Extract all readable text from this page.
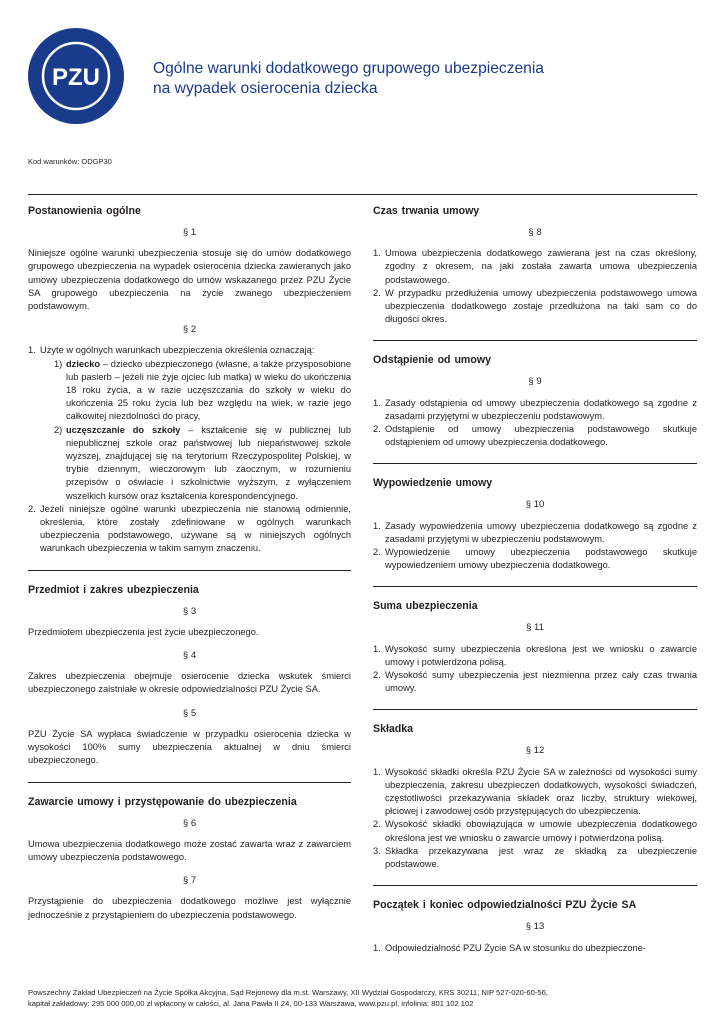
PZU	Ogólne warunki dodatkowego grupowego ubezpieczenia
na wypadek osierocenia dziecka
Kod warunków: ODGP30
Postanowienia ogólne
§ 1

Niniejsze ogólne warunki ubezpieczenia stosuje się do umów dodatkowego grupowego ubezpieczenia na wypadek osierocenia dziecka zawieranych jako umowy ubezpieczenia dodatkowego do umów wskazanego przez PZU Życie SA grupowego ubezpieczenia na życie zwanego ubezpieczeniem podstawowym.

§ 2
1. Użyte w ogólnych warunkach ubezpieczenia określenia oznaczają:
1) dziecko – dziecko ubezpieczonego (własne, a także przysposobione lub pasierb – jeżeli nie żyje ojciec lub matka) w wieku do ukończenia 18 roku życia, a w razie uczęszczania do szkoły w wieku do ukończenia 25 roku życia lub bez względu na wiek, w razie jego całkowitej niezdolności do pracy,
2) uczęszczanie do szkoły – kształcenie się w publicznej lub niepublicznej szkole oraz państwowej lub niepaństwowej szkole wyższej, znajdującej się na terytorium Rzeczypospolitej Polskiej, w trybie dziennym, wieczorowym lub zaocznym, w rozumieniu przepisów o oświacie i szkolnictwie wyższym, z wyłączeniem wszelkich kursów oraz kształcenia korespondencyjnego.
2. Jeżeli niniejsze ogólne warunki ubezpieczenia nie stanowią odmiennie, określenia, które zostały zdefiniowane w ogólnych warunkach ubezpieczenia podstawowego, używane są w niniejszych ogólnych warunkach ubezpieczenia w takim samym znaczeniu.
Przedmiot i zakres ubezpieczenia
§ 3

Przedmiotem ubezpieczenia jest życie ubezpieczonego.

§ 4

Zakres ubezpieczenia obejmuje osierocenie dziecka wskutek śmierci ubezpieczonego zaistniałe w okresie odpowiedzialności PZU Życie SA.

§ 5

PZU Życie SA wypłaca świadczenie w przypadku osierocenia dziecka w wysokości 100% sumy ubezpieczenia aktualnej w dniu śmierci ubezpieczonego.

Zawarcie umowy i przystępowanie do ubezpieczenia
§ 6

Umowa ubezpieczenia dodatkowego może zostać zawarta wraz z zawarciem umowy ubezpieczenia podstawowego.

§ 7

Przystąpienie do ubezpieczenia dodatkowego możliwe jest wyłącznie jednocześnie z przystąpieniem do ubezpieczenia podstawowego.

Czas trwania umowy
§ 8
1. Umowa ubezpieczenia dodatkowego zawierana jest na czas określony, zgodny z okresem, na jaki została zawarta umowa ubezpieczenia podstawowego.
2. W przypadku przedłużenia umowy ubezpieczenia podstawowego umowa ubezpieczenia dodatkowego zostaje przedłużona na taki sam co do długości okres.
Odstąpienie od umowy
§ 9
1. Zasady odstąpienia od umowy ubezpieczenia dodatkowego są zgodne z zasadami przyjętymi w ubezpieczeniu podstawowym.
2. Odstąpienie od umowy ubezpieczenia podstawowego skutkuje odstąpieniem od umowy ubezpieczenia dodatkowego.
Wypowiedzenie umowy
§ 10
1. Zasady wypowiedzenia umowy ubezpieczenia dodatkowego są zgodne z zasadami przyjętymi w ubezpieczeniu podstawowym.
2. Wypowiedzenie umowy ubezpieczenia podstawowego skutkuje wypowiedzeniem umowy ubezpieczenia dodatkowego.
Suma ubezpieczenia
§ 11
1. Wysokość sumy ubezpieczenia określona jest we wniosku o zawarcie umowy i potwierdzona polisą.
2. Wysokość sumy ubezpieczenia jest niezmienna przez cały czas trwania umowy.
Składka
§ 12
1. Wysokość składki określa PZU Życie SA w zależności od wysokości sumy ubezpieczenia, zakresu ubezpieczeń dodatkowych, wysokości świadczeń, częstotliwości przekazywania składek oraz liczby, struktury wiekowej, płciowej i zawodowej osób przystępujących do ubezpieczenia.
2. Wysokość składki obowiązująca w umowie ubezpieczenia dodatkowego określona jest we wniosku o zawarcie umowy i potwierdzona polisą.
3. Składka przekazywana jest wraz ze składką za ubezpieczenie podstawowe.
Początek i koniec odpowiedzialności PZU Życie SA
§ 13
1. Odpowiedzialność PZU Życie SA w stosunku do ubezpieczone-
Powszechny Zakład Ubezpieczeń na Życie Spółka Akcyjna, Sąd Rejonowy dla m.st. Warszawy, XII Wydział Gospodarczy, KRS 30211, NIP 527-020-60-56,
kapitał zakładowy: 295 000 000,00 zł wpłacony w całości, al. Jana Pawła II 24, 00-133 Warszawa, www.pzu.pl, infolinia: 801 102 102
